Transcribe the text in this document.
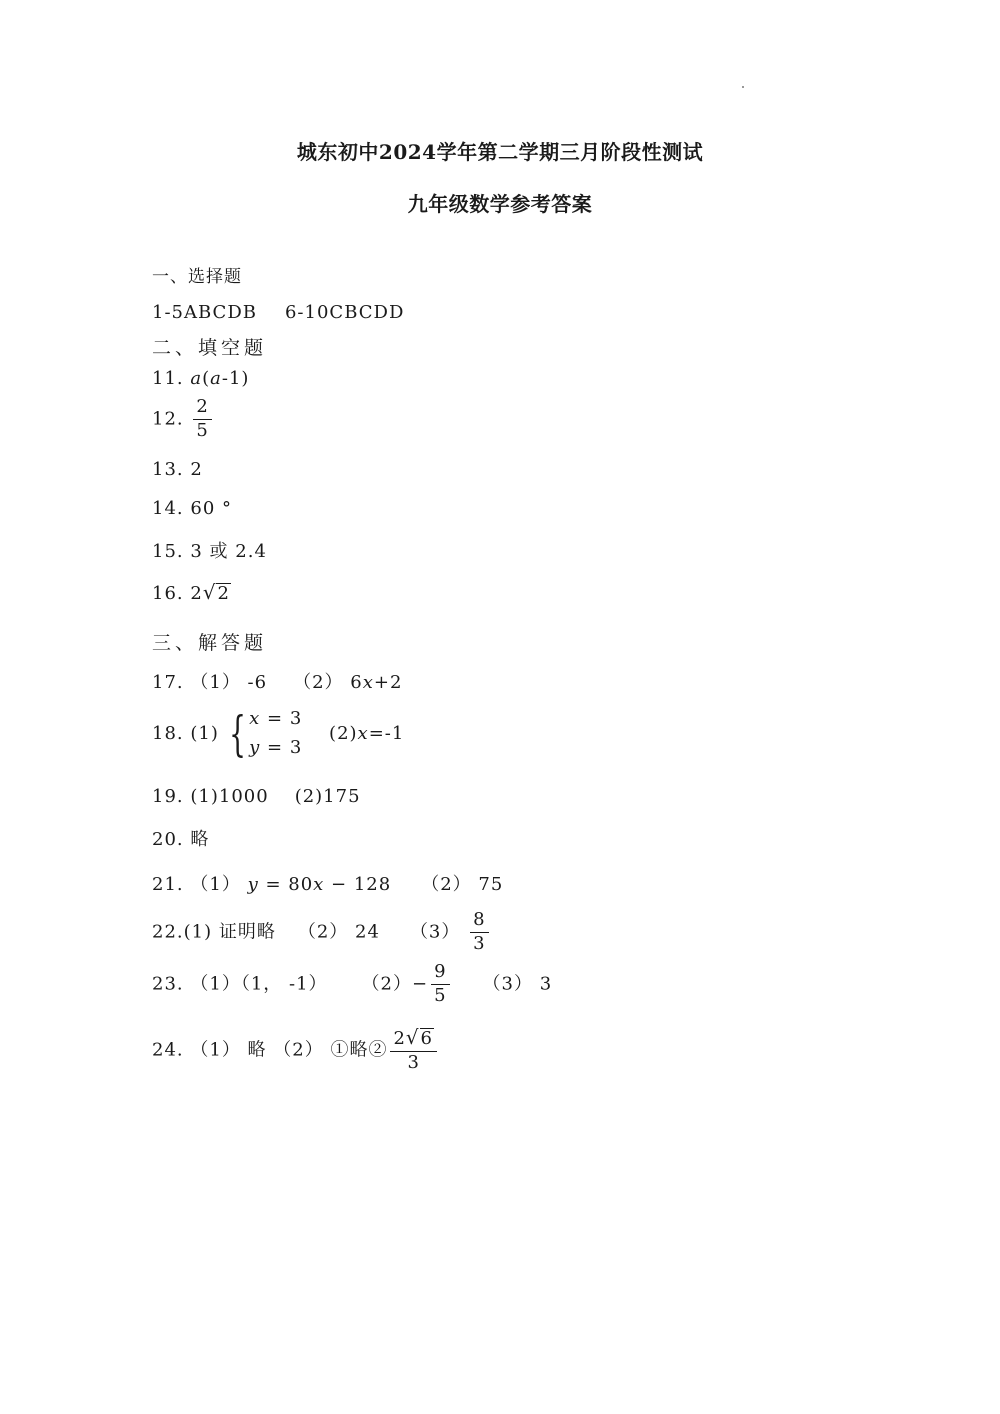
城东初中2024学年第二学期三月阶段性测试
九年级数学参考答案
一、选择题
1-5ABCDB 6-10CBCDD
二、填空题
11. a(a-1)
12. $\frac{2}{5}$
13. 2
14. 60 °
15. 3 或 2.4
16. 2 √ 2
三、解答题
17. （1） -6 （2） 6x+2
18. (1) { x = 3
y = 3
(2)x=-1
19. (1)1000 (2)175
20. 略
21. （1） y = 80x − 128 （2） 75
22.(1) 证明略 （2） 24 $(3) \frac{8}{3}$
23. （1）（1， -1） $(2)- \frac{9}{5} (3)$ 3
24. （1） 略 （2） ①略② $\frac{2 √ 6}{3}$
